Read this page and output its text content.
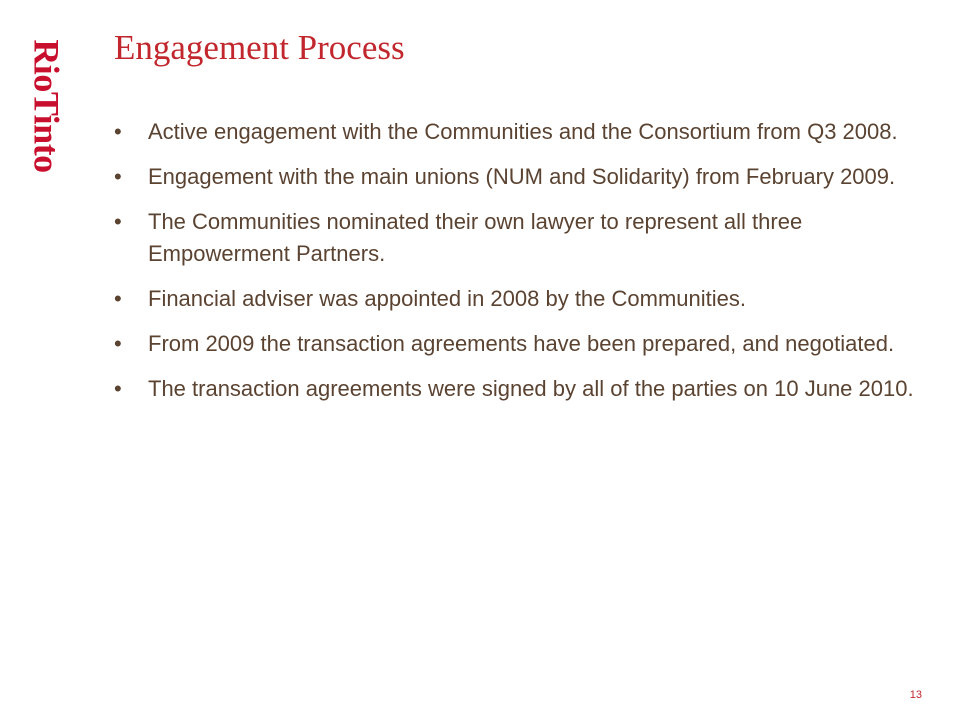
RioTinto Engagement Process
• Active engagement with the Communities and the Consortium from Q3 2008.
• Engagement with the main unions (NUM and Solidarity) from February 2009.
• The Communities nominated their own lawyer to represent all three Empowerment Partners.
• Financial adviser was appointed in 2008 by the Communities.
• From 2009 the transaction agreements have been prepared, and negotiated.
• The transaction agreements were signed by all of the parties on 10 June 2010.
13
